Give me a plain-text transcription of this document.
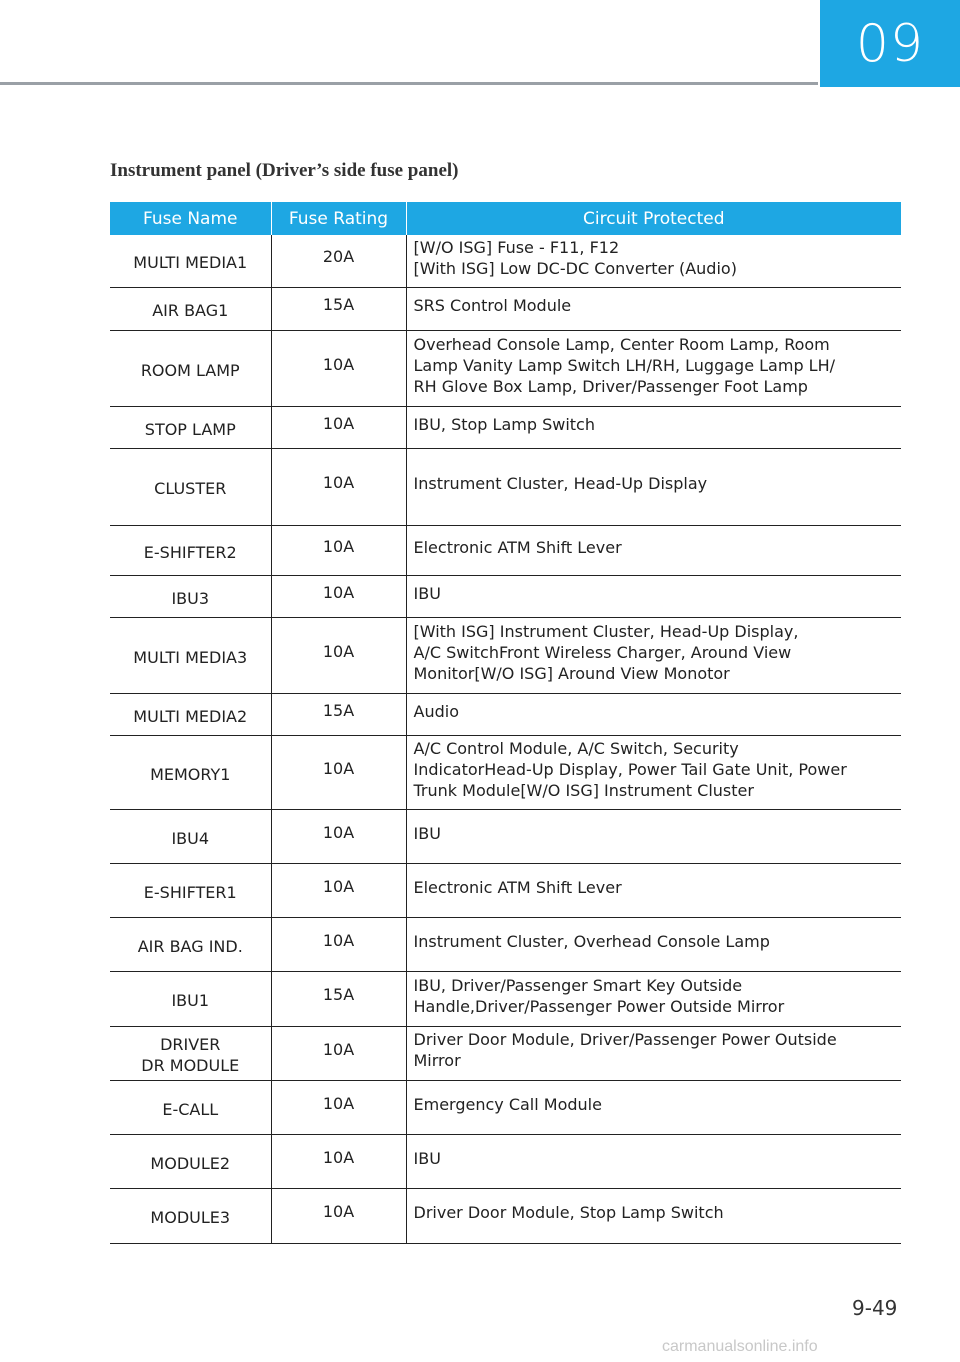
09
Instrument panel (Driver’s side fuse panel)
Fuse Name	Fuse Rating	Circuit Protected
MULTI MEDIA1	20A	[W/O ISG] Fuse - F11, F12
[With ISG] Low DC-DC Converter (Audio)
AIR BAG1	15A	SRS Control Module
ROOM LAMP	10A	Overhead Console Lamp, Center Room Lamp, Room
Lamp Vanity Lamp Switch LH/RH, Luggage Lamp LH/
RH Glove Box Lamp, Driver/Passenger Foot Lamp
STOP LAMP	10A	IBU, Stop Lamp Switch
CLUSTER	10A	Instrument Cluster, Head-Up Display
E-SHIFTER2	10A	Electronic ATM Shift Lever
IBU3	10A	IBU
MULTI MEDIA3	10A	[With ISG] Instrument Cluster, Head-Up Display,
A/C SwitchFront Wireless Charger, Around View
Monitor[W/O ISG] Around View Monotor
MULTI MEDIA2	15A	Audio
MEMORY1	10A	A/C Control Module, A/C Switch, Security
IndicatorHead-Up Display, Power Tail Gate Unit, Power
Trunk Module[W/O ISG] Instrument Cluster
IBU4	10A	IBU
E-SHIFTER1	10A	Electronic ATM Shift Lever
AIR BAG IND.	10A	Instrument Cluster, Overhead Console Lamp
IBU1	15A	IBU, Driver/Passenger Smart Key Outside
Handle,Driver/Passenger Power Outside Mirror
DRIVER
DR MODULE	10A	Driver Door Module, Driver/Passenger Power Outside
Mirror
E-CALL	10A	Emergency Call Module
MODULE2	10A	IBU
MODULE3	10A	Driver Door Module, Stop Lamp Switch
9-49
carmanualsonline.info
